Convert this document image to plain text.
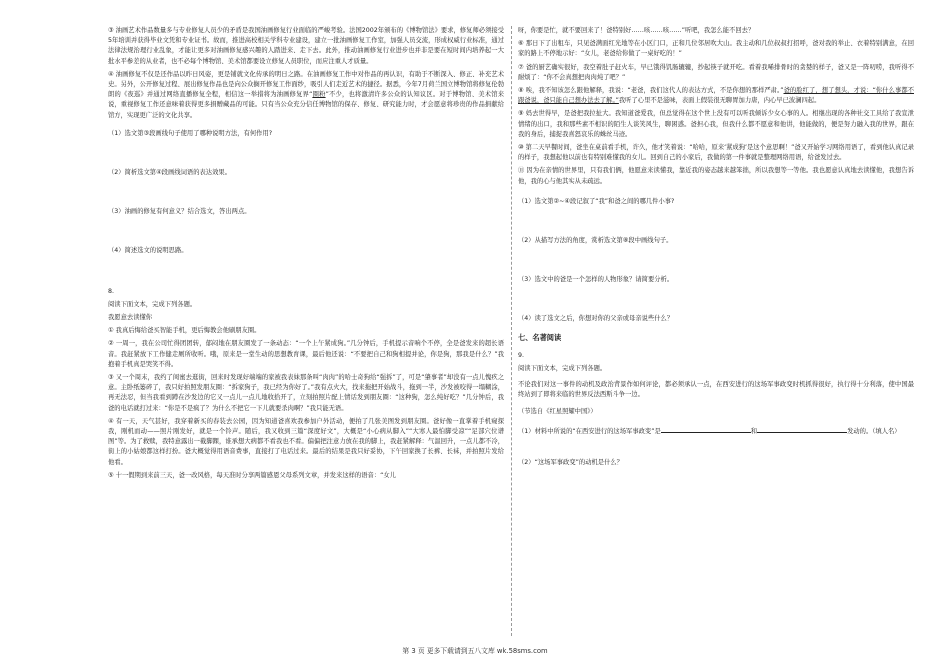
③ 油画艺术作品数量多与专业修复人员少的矛盾是我国油画修复行业面临的严峻考验。法国2002年颁布的《博物馆法》要求，修复师必须接受5年培训并获得毕业文凭和专业证书。故而，推进高校相关学科专业建设，建立一批油画修复工作室，加强人员交流，形成权威行业标准，通过法律法规治理行业乱象，才能让更多对油画修复感兴趣的人踏进来、走下去。此外，推动油画修复行业进步也并非是要在短时间内培养起一大批水平参差的从业者，也不必每个博物馆、美术馆都要设立修复人员职位，而应注重人才质量。

④ 油画修复不仅是还作品以昨日风姿，更是铺就文化传承的明日之路。在油画修复工作中对作品的再认识，有助于不断深入、修正、补充艺术史。另外，公开修复过程、展出修复作品也是向公众搁开修复工作面纱，吸引人们走近艺术的捷径。据悉，今年7月荷兰国立博物馆将修复伦勃朗的《夜巡》并通过网络直播修复全程，相信这一举措将为油画修复界“圈粉”不少，也将激清许多公众的认知议区。对于博物馆、美术馆来说，重视修复工作还意味着获得更多捐赠藏品的可能。只有当公众充分信任博物馆的保存、修复、研究能力时，才会愿意将珍贵的作品捐献给馆方，实现更广泛的文化共享。

（1）选文第③段画线句子使用了哪种说明方法，有何作用?

（2）简析选文第④段画线词语的表达效果。

（3）油画的修复有何意义？结合选文，答出两点。

（4）简述选文的说明思路。

8.

阅读下面文本，完成下列各题。

我愿意去读懂你

① 我真后悔给爸买智能手机，更后悔教会他刷朋友圈。

② 一周一，我在公司忙得团团转，郁闷地在朋友圈发了一条动态：“一个上午紧成狗。”几分钟后，手机提示音响个不停，全是爸发来的超长语音。我赶紧放下工作健走厕所收听。哦，原来是一堂生动的思想教育课，最后他还说：“不要把自己和狗相提并论，你是狗，那我是什么？”我抱着手机真是哭笑不得。

③ 又一个周末，我约了闺蜜去逛街，回来时发现好端端的家被我表妹那条叫“肉肉”的哈士奇狗给“强拆”了，可是“肇事者”却没有一点儿愧疚之意。主卧纸篓碎了，我只好拍照发朋友圈：“拆家狗子，我已经为你好了。”我有点火大，找来拖把开始战斗，拖到一半，沙发被咬得一塌糊涂，再无法忍，但当我看到蹲在沙发边的它又一点儿一点儿地收拾开了，立刻拍照片配上情话发到朋友圈：“这种狗，怎么纯好吃？”几分钟后，我爸的电话就打过来：“你是不是疯了？为什么不把它一下儿就要杀肉啊？”我只能无语。

④ 有一天，天气甚好，我穿着新买的春装去公园，因为知道爸喜欢我参加户外活动，便拍了几张美图发到朋友圈。爸好像一直掌着手机窥探我，刚机而动——照片刚发好，就是一个铃声。随后，我又收到三篇“深度好文”，大概是“小心病从脚入”“大寒人最怕脚受凉”“足部穴位谱图”等。为了救赎，我特意露出一截脚踝，谁承想大病都不看我也不看。偏偏把注意力放在我的脚上，我赶紧解释：气温回升，一点儿都不冷，街上的小姑娘都这样打扮。爸大概觉得用语音费事，直接打了电话过来。最后的结果是我只好妥协，下午回家换了长裤、长袜，并拍照片发给他看。

⑤ 十一假期到来前三天，爸一改风格，每天准时分享两篇感恩父母系列文章，并发来这样的语音：“女儿

呀，你要是忙，就不要回来了！爸特别好……咳……咳……”听吧，我怎么能不回去？

⑥ 那日下了出租车，只见爸满面红光地等在小区门口，正和几位邻居吹大山。我主动和几位叔叔打招呼，爸对我的举止、衣着特别满意，在回家的路上不停地示好：“女儿，老爸给你做了一桌好吃的！”

⑦ 爸的厨艺确实很好，我空着肚子赶火车，早已饿得饥肠辘辘，抄起筷子就开吃。看着我唏排骨时的贪婪的样子，爸又是一阵叨唠，我听得不耐烦了：“你不会真想把肉肉炖了吧？”

⑧ 唉，我不知该怎么跟他解释，我说：“老爸，我们这代人的表达方式，不是你想的那样严肃。”爸的脸红了，想了想头，才说：“你什么事都不跟爸说，爸只能自己想办法去了解。”我听了心里不是滋味，表面上假装很无聊胃加力唐，内心早已波澜四起。

⑨ 妈去世得早，是爸把我拉扯大。我知道爸爱我，但总觉得在这个世上没有可以听我倾诉少女心事的人。相继出现的各种社交工具给了我宣泄情绪的出口，我和那些素不相识的陌生人谈笑风生，聊困惑。爸担心我，但我什么都不愿意和他讲，他能做的，便是努力融入我的世界，跟在我的身后，捕捉我喜怒哀乐的蛛丝马迹。

⑩ 第二天早餐时间，爸坐在桌前看手机，许久，他才笑着说：“哈哈，原来‘紧成狗’是这个意思啊！”爸又开始学习网络用语了，看到他认真记录的样子，我想起他以前也有特别难懂我的女儿。回到自己的小家后，我做的第一件事就是整理网络用语，给爸发过去。

⑪ 因为在亲情的世界里，只有我们俩，他愿意来读懂我，靠近我的姿态越来越笨拙，所以我想等一等他。我也愿意认真地去读懂他，我想告诉他，我的心与他其实从未疏远。

（1）选文第②~④段记叙了“我”和爸之间的哪几件小事?

（2）从描写方法的角度，赏析选文第⑧段中画线句子。

（3）选文中的爸是一个怎样的人物形象？请简要分析。

（4）读了选文之后，你想对你的父亲或母亲说些什么？

七、名著阅读

9.

阅读下面文本，完成下列各题。

不论我们对这一事件的动机及政治背景作如何评论，都必须承认一点，在西安进行的这场军事政变时机抓得很好，执行得十分利落，使中国最终站到了即将来临的世界反法西斯斗争一边。

（节选自《红星照耀中国》）

（1）材料中所说的“在西安进行的这场军事政变”是	和	发动的。（填人名）

（2）“这场军事政变”的动机是什么？

第 3 页 更多下载请到五八文库 wk.58sms.com
